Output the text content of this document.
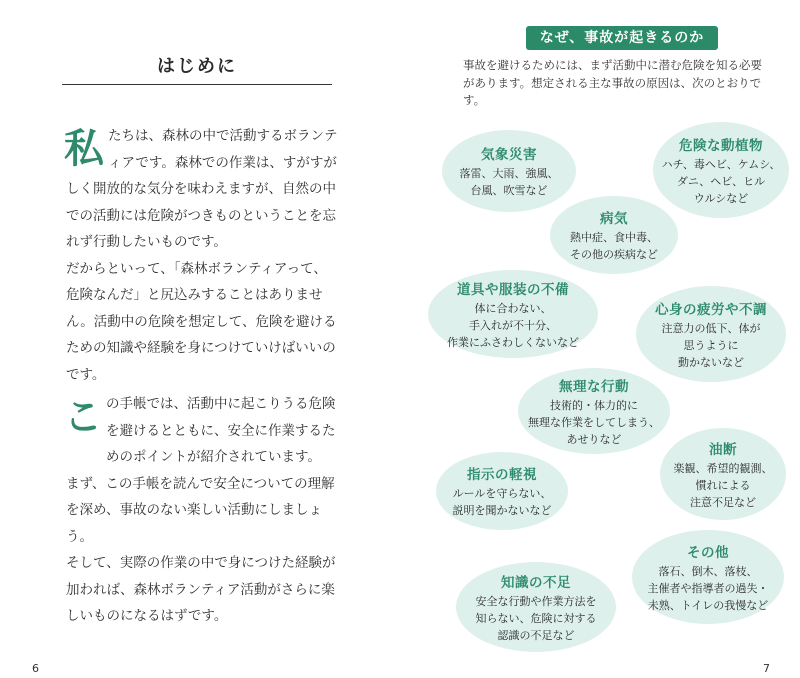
はじめに
私 たちは、森林の中で活動するボランティアです。森林での作業は、すがすがしく開放的な気分を味わえますが、自然の中での活動には危険がつきものということを忘れず行動したいものです。

だからといって、「森林ボランティアって、危険なんだ」と尻込みすることはありません。活動中の危険を想定して、危険を避けるための知識や経験を身につけていけばいいのです。

こ の手帳では、活動中に起こりうる危険を避けるとともに、安全に作業するためのポイントが紹介されています。

まず、この手帳を読んで安全についての理解を深め、事故のない楽しい活動にしましょう。

そして、実際の作業の中で身につけた経験が加われば、森林ボランティア活動がさらに楽しいものになるはずです。

6
なぜ、事故が起きるのか
事故を避けるためには、まず活動中に潜む危険を知る必要があります。想定される主な事故の原因は、次のとおりです。
気象災害
落雷、大雨、強風、
台風、吹雪など
危険な動植物
ハチ、毒ヘビ、ケムシ、
ダニ、ヘビ、ヒル
ウルシなど
病気
熱中症、食中毒、
その他の疾病など
道具や服装の不備
体に合わない、
手入れが不十分、
作業にふさわしくないなど
心身の疲労や不調
注意力の低下、体が
思うように
動かないなど
無理な行動
技術的・体力的に
無理な作業をしてしまう、
あせりなど
油断
楽観、希望的観測、
慣れによる
注意不足など
指示の軽視
ルールを守らない、
説明を聞かないなど
その他
落石、倒木、落枝、
主催者や指導者の過失・
未熟、トイレの我慢など
知識の不足
安全な行動や作業方法を
知らない、危険に対する
認識の不足など
7
